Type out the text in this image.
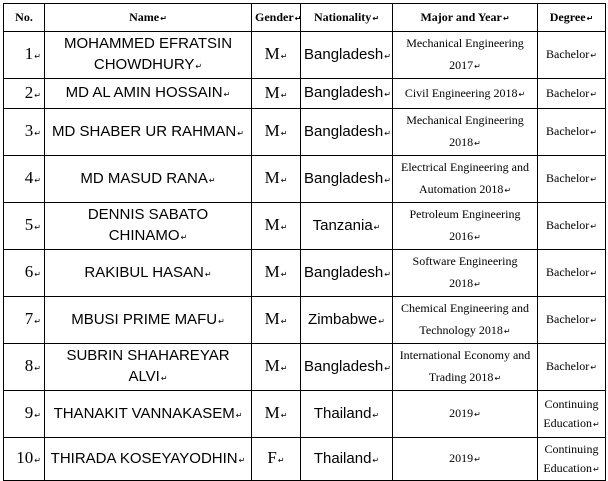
No.	Name↵	Gender↵	Nationality↵	Major and Year↵	Degree↵
1↵	MOHAMMED EFRATSIN CHOWDHURY↵	M↵	Bangladesh↵	Mechanical Engineering 2017↵	Bachelor↵
2↵	MD AL AMIN HOSSAIN↵	M↵	Bangladesh↵	Civil Engineering 2018↵	Bachelor↵
3↵	MD SHABER UR RAHMAN↵	M↵	Bangladesh↵	Mechanical Engineering 2018↵	Bachelor↵
4↵	MD MASUD RANA↵	M↵	Bangladesh↵	Electrical Engineering and Automation 2018↵	Bachelor↵
5↵	DENNIS SABATO CHINAMO↵	M↵	Tanzania↵	Petroleum Engineering 2016↵	Bachelor↵
6↵	RAKIBUL HASAN↵	M↵	Bangladesh↵	Software Engineering 2018↵	Bachelor↵
7↵	MBUSI PRIME MAFU↵	M↵	Zimbabwe↵	Chemical Engineering and Technology 2018↵	Bachelor↵
8↵	SUBRIN SHAHAREYAR ALVI↵	M↵	Bangladesh↵	International Economy and Trading 2018↵	Bachelor↵
9↵	THANAKIT VANNAKASEM↵	M↵	Thailand↵	2019↵	Continuing Education↵
10↵	THIRADA KOSEYAYODHIN↵	F↵	Thailand↵	2019↵	Continuing Education↵
